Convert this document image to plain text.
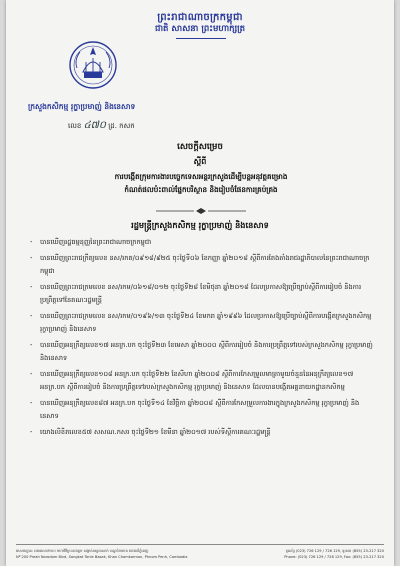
ព្រះរាជាណាចក្រកម្ពុជា
ជាតិ សាសនា ព្រះមហាក្សត្រ
ក្រសួងកសិកម្ម រុក្ខាប្រមាញ់ និងនេសាទ
លេខ ៤៧០ ដ្រ. កសក
សេចក្តីសម្រេច
ស្តីពី
ការបង្កើតក្រុមការងារបច្ចេកទេសអន្តរក្រសួងដើម្បីបន្តអនុវត្តគម្រោង
កំណត់ផលប៉ះពាល់ផ្នែកបរិស្ថាន និងរៀបចំផែនការគ្រប់គ្រង
រដ្ឋមន្ត្រីក្រសួងកសិកម្ម រុក្ខាប្រមាញ់ និងនេសាទ
- បានឃើញរដ្ឋធម្មនុញ្ញនៃព្រះរាជាណាចក្រកម្ពុជា
- បានឃើញព្រះរាជក្រឹត្យលេខ នស/រកត/០៩១៨/៩២៥ ចុះថ្ងៃទី០៦ ខែកញ្ញា ឆ្នាំ២០១៨ ស្តីពីការតែងតាំងរាជរដ្ឋាភិបាលនៃព្រះរាជាណាចក្រកម្ពុជា
- បានឃើញព្រះរាជក្រមលេខ នស/រកម/០៦១៨/០១២ ចុះថ្ងៃទី២៨ ខែមិថុនា ឆ្នាំ២០១៨ ដែលប្រកាសឱ្យប្រើច្បាប់ស្តីពីការរៀបចំ និងការប្រព្រឹត្តទៅនៃគណៈរដ្ឋមន្ត្រី
- បានឃើញព្រះរាជក្រមលេខ នស/រកម/០១៩៦/១៣ ចុះថ្ងៃទី២៤ ខែមករា ឆ្នាំ១៩៩៦ ដែលប្រកាសឱ្យប្រើច្បាប់ស្តីពីការបង្កើតក្រសួងកសិកម្ម រុក្ខាប្រមាញ់ និងនេសាទ
- បានឃើញអនុក្រឹត្យលេខ១៧ អនក្រ.បក ចុះថ្ងៃទី២៣ ខែមេសា ឆ្នាំ២០០០ ស្តីពីការរៀបចំ និងការប្រព្រឹត្តទៅរបស់ក្រសួងកសិកម្ម រុក្ខាប្រមាញ់ និងនេសាទ
- បានឃើញអនុក្រឹត្យលេខ១០៨ អនក្រ.បក ចុះថ្ងៃទី២២ ខែសីហា ឆ្នាំ២០០៨ ស្តីពីការកែសម្រួលមាត្រាមួយចំនួននៃអនុក្រឹត្យលេខ១៧ អនក្រ.បក ស្តីពីការរៀបចំ និងការប្រព្រឹត្តទៅរបស់ក្រសួងកសិកម្ម រុក្ខាប្រមាញ់ និងនេសាទ ដែលបានបង្កើតអគ្គនាយកដ្ឋានកសិកម្ម
- បានឃើញអនុក្រឹត្យលេខ៨៧ អនក្រ.បក ចុះថ្ងៃទី១៤ ខែវិច្ឆិកា ឆ្នាំ២០០៨ ស្តីពីការកែសម្រួលការងារក្នុងក្រសួងកសិកម្ម រុក្ខាប្រមាញ់ និងនេសាទ
- យោងលិខិតលេខ៥៧ សសណ.កសរ ចុះថ្ងៃទី២១ ខែមីនា ឆ្នាំ២០១៧ របស់ទីស្តីការគណៈរដ្ឋមន្ត្រី
អាសយដ្ឋាន: អគារលេខ២០០ មហាវិថីព្រះនរោត្តម សង្កាត់ទន្លេបាសាក់ ខណ្ឌចំការមន រាជធានីភ្នំពេញ
Nº 200 Preah Norodom Blvd, Sangkat Tonle Basak, Khan Chamkarmon, Phnom Penh, Cambodia
ទូរស័ព្ទ (023) 726 129 / 726 129, ទូរសារ (855) 23-217 320
Phone: (023) 726 129 / 726 129, Fax: (855) 23-217 320
